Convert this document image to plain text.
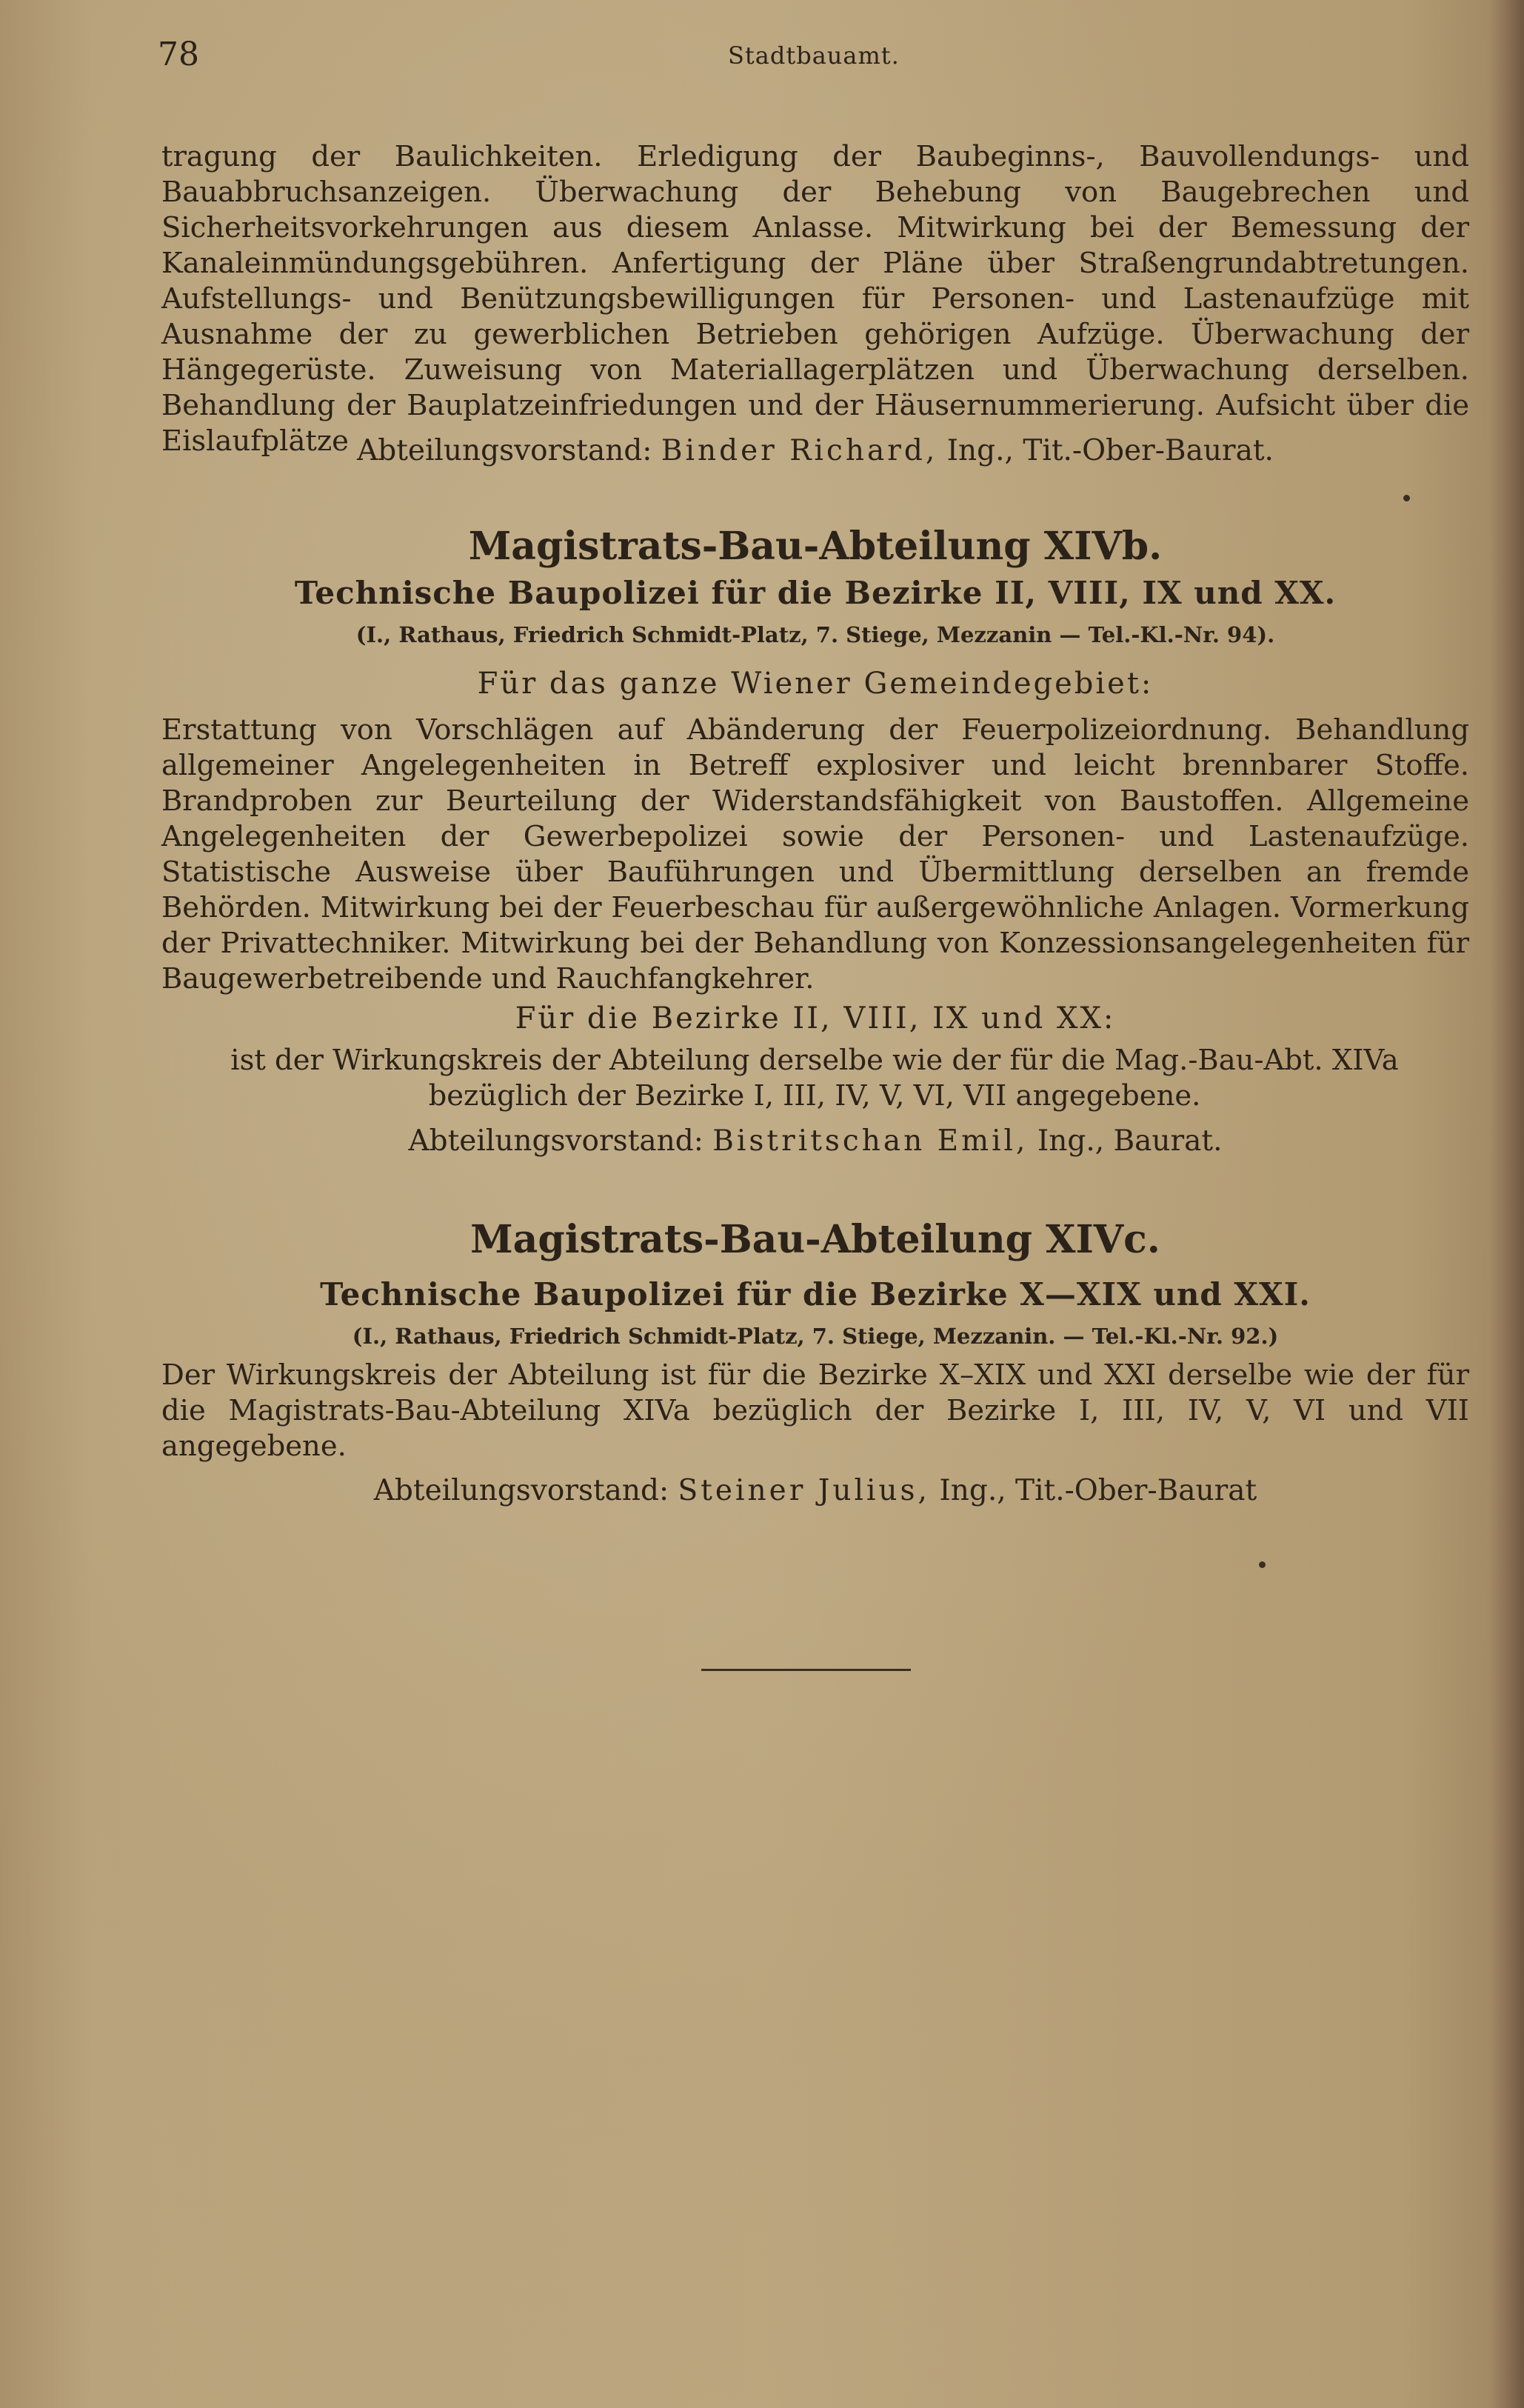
78	Stadtbauamt.
tragung der Baulichkeiten. Erledigung der Baubeginns-, Bauvollendungs- und Bauabbruchsanzeigen. Überwachung der Behebung von Baugebrechen und Sicherheitsvorkehrungen aus diesem Anlasse. Mitwirkung bei der Bemessung der Kanaleinmündungsgebühren. Anfertigung der Pläne über Straßengrundabtretungen. Aufstellungs- und Benützungsbewilligungen für Personen- und Lastenaufzüge mit Ausnahme der zu gewerblichen Betrieben gehörigen Aufzüge. Überwachung der Hängegerüste. Zuweisung von Materiallagerplätzen und Überwachung derselben. Behandlung der Bauplatzeinfriedungen und der Häusernummerierung. Aufsicht über die Eislaufplätze Abteilungsvorstand: Binder Richard, Ing., Tit.-Ober-Baurat.
Magistrats-Bau-Abteilung XIVb.
Technische Baupolizei für die Bezirke II, VIII, IX und XX.
(I., Rathaus, Friedrich Schmidt-Platz, 7. Stiege, Mezzanin — Tel.-Kl.-Nr. 94).
Für das ganze Wiener Gemeindegebiet:
Erstattung von Vorschlägen auf Abänderung der Feuerpolizeiordnung. Behandlung allgemeiner Angelegenheiten in Betreff explosiver und leicht brennbarer Stoffe. Brandproben zur Beurteilung der Widerstandsfähigkeit von Baustoffen. Allgemeine Angelegenheiten der Gewerbepolizei sowie der Personen- und Lastenaufzüge. Statistische Ausweise über Bauführungen und Übermittlung derselben an fremde Behörden. Mitwirkung bei der Feuerbeschau für außergewöhnliche Anlagen. Vormerkung der Privattechniker. Mitwirkung bei der Behandlung von Konzessionsangelegenheiten für Baugewerbetreibende und Rauchfangkehrer.
Für die Bezirke II, VIII, IX und XX:
ist der Wirkungskreis der Abteilung derselbe wie der für die Mag.-Bau-Abt. XIVa bezüglich der Bezirke I, III, IV, V, VI, VII angegebene.
Abteilungsvorstand: Bistritschan Emil, Ing., Baurat.
Magistrats-Bau-Abteilung XIVc.
Technische Baupolizei für die Bezirke X—XIX und XXI.
(I., Rathaus, Friedrich Schmidt-Platz, 7. Stiege, Mezzanin. — Tel.-Kl.-Nr. 92.)
Der Wirkungskreis der Abteilung ist für die Bezirke X–XIX und XXI derselbe wie der für die Magistrats-Bau-Abteilung XIVa bezüglich der Bezirke I, III, IV, V, VI und VII angegebene.
Abteilungsvorstand: Steiner Julius, Ing., Tit.-Ober-Baurat
